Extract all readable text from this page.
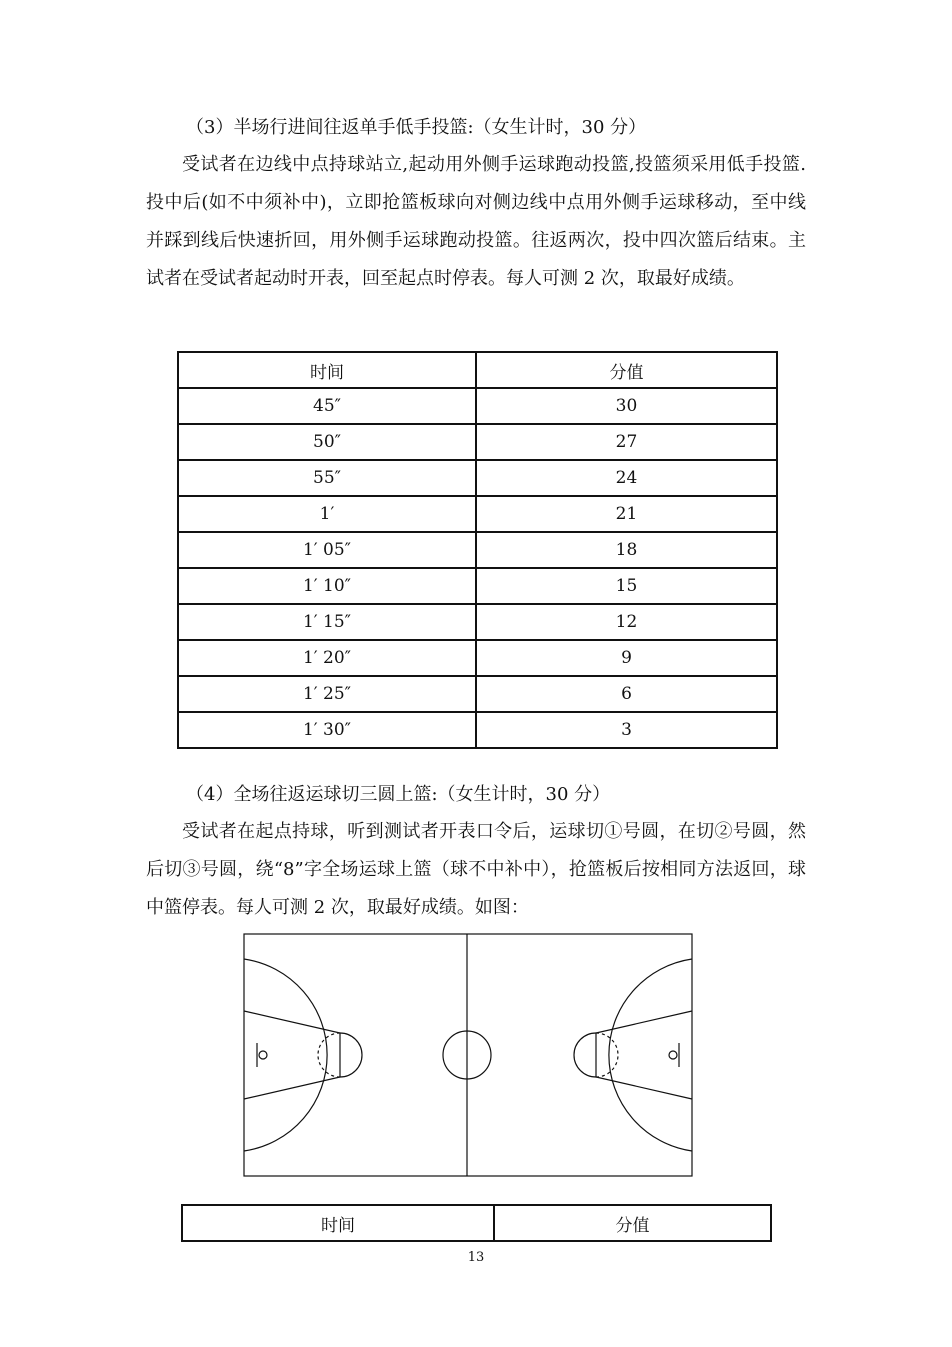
（3）半场行进间往返单手低手投篮:（女生计时，30 分）

受试者在边线中点持球站立,起动用外侧手运球跑动投篮,投篮须采用低手投篮.投中后(如不中须补中)，立即抢篮板球向对侧边线中点用外侧手运球移动，至中线并踩到线后快速折回，用外侧手运球跑动投篮。往返两次，投中四次篮后结束。主试者在受试者起动时开表，回至起点时停表。每人可测 2 次，取最好成绩。

时间	分值
45″	30
50″	27
55″	24
1′	21
1′ 05″	18
1′ 10″	15
1′ 15″	12
1′ 20″	9
1′ 25″	6
1′ 30″	3

（4）全场往返运球切三圆上篮:（女生计时，30 分）

受试者在起点持球，听到测试者开表口令后，运球切①号圆，在切②号圆，然后切③号圆，绕“8”字全场运球上篮（球不中补中），抢篮板后按相同方法返回，球中篮停表。每人可测 2 次，取最好成绩。如图：

时间	分值
13
